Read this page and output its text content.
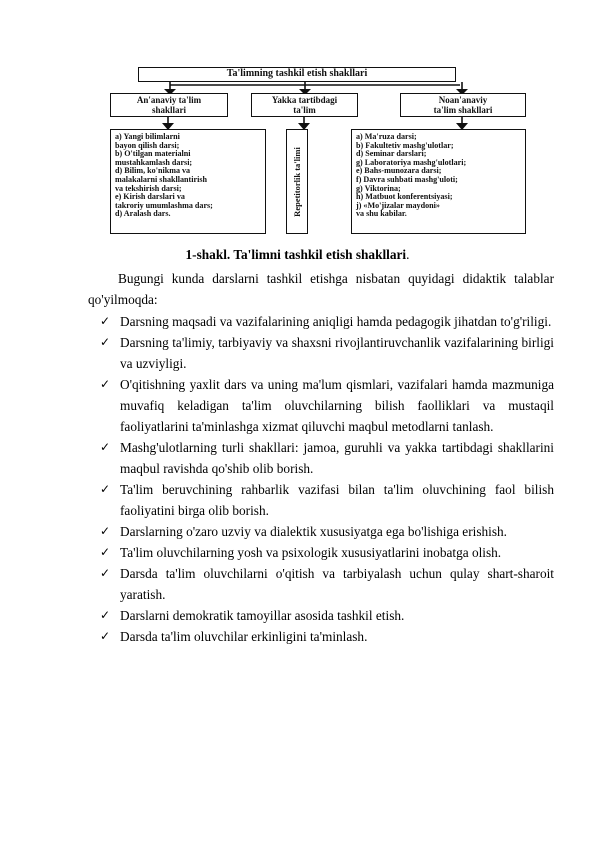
Ta'limning tashkil etish shakllari
An'anaviy ta'lim
shakllari
Yakka tartibdagi
ta'lim
Noan'anaviy
ta'lim shakllari
a) Yangi bilimlarni
bayon qilish darsi;
b) O'tilgan materialni
mustahkamlash darsi;
d) Bilim, ko'nikma va
malakalarni shakllantirish
va tekshirish darsi;
e) Kirish darslari va
takroriy umumlashma dars;
d) Aralash dars.	Repetitorlik ta'limi
a) Ma'ruza darsi;
b) Fakultetiv mashg'ulotlar;
d) Seminar darslari;
g) Laboratoriya mashg'ulotlari;
e) Bahs-munozara darsi;
f) Davra suhbati mashg'uloti;
g) Viktorina;
h) Matbuot konferentsiyasi;
j) «Mo'jizalar maydoni»
va shu kabilar.
1-shakl. Ta'limni tashkil etish shakllari.

Bugungi kunda darslarni tashkil etishga nisbatan quyidagi didaktik talablar qo'yilmoqda:

✓ Darsning maqsadi va vazifalarining aniqligi hamda pedagogik jihatdan to'g'riligi.
✓ Darsning ta'limiy, tarbiyaviy va shaxsni rivojlantiruvchanlik vazifalarining birligi va uzviyligi.
✓ O'qitishning yaxlit dars va uning ma'lum qismlari, vazifalari hamda mazmuniga muvafiq keladigan ta'lim oluvchilarning bilish faolliklari va mustaqil faoliyatlarini ta'minlashga xizmat qiluvchi maqbul metodlarni tanlash.
✓ Mashg'ulotlarning turli shakllari: jamoa, guruhli va yakka tartibdagi shakllarini maqbul ravishda qo'shib olib borish.
✓ Ta'lim beruvchining rahbarlik vazifasi bilan ta'lim oluvchining faol bilish faoliyatini birga olib borish.
✓ Darslarning o'zaro uzviy va dialektik xususiyatga ega bo'lishiga erishish.
✓ Ta'lim oluvchilarning yosh va psixologik xususiyatlarini inobatga olish.
✓ Darsda ta'lim oluvchilarni o'qitish va tarbiyalash uchun qulay shart-sharoit yaratish.
✓ Darslarni demokratik tamoyillar asosida tashkil etish.
✓ Darsda ta'lim oluvchilar erkinligini ta'minlash.
